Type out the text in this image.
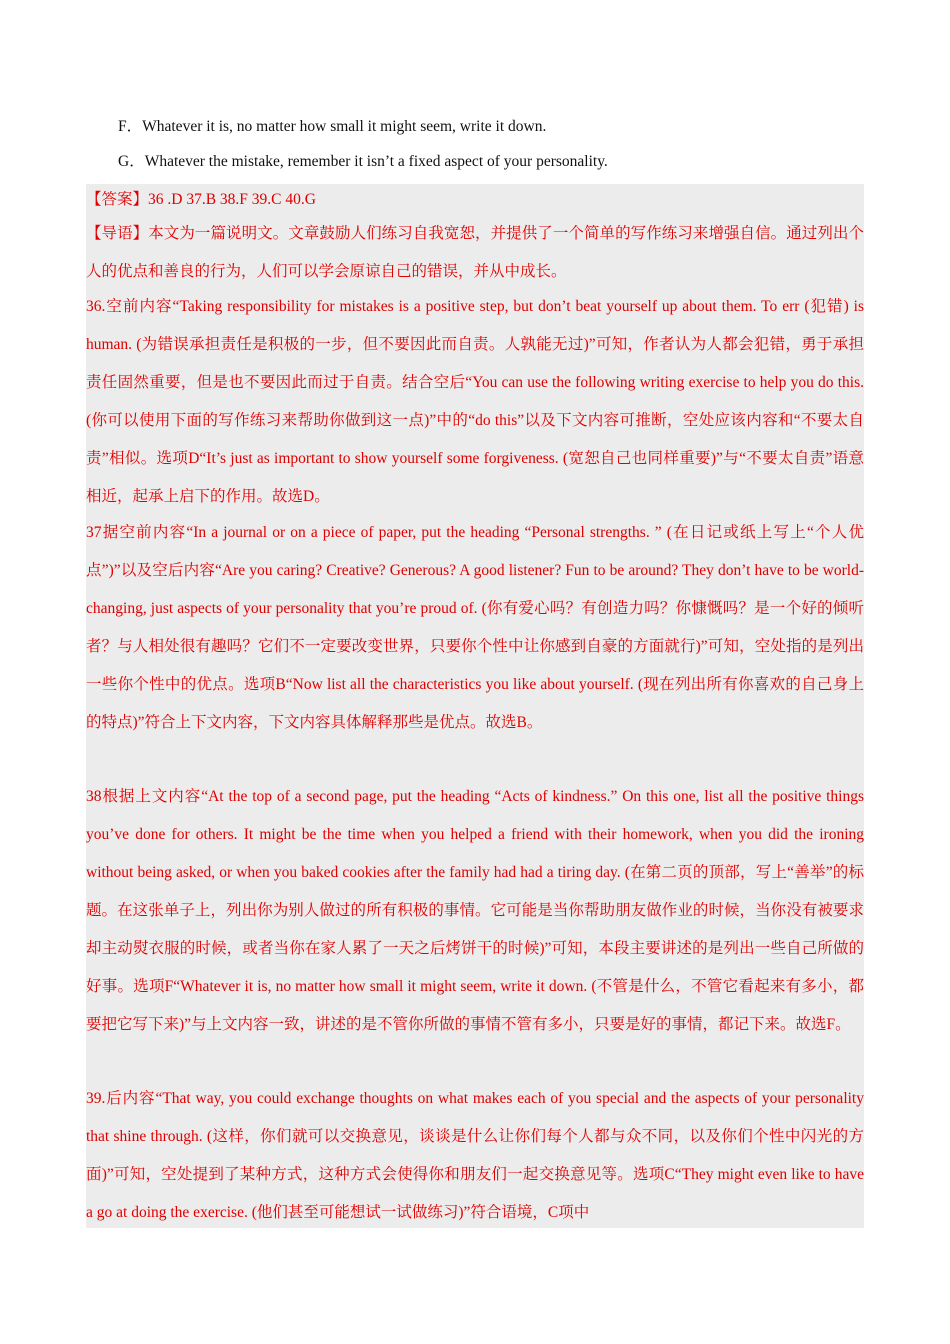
F．Whatever it is, no matter how small it might seem, write it down.
G．Whatever the mistake, remember it isn’t a fixed aspect of your personality.
【答案】36 .D 37.B 38.F 39.C 40.G
【导语】本文为一篇说明文。文章鼓励人们练习自我宽恕，并提供了一个简单的写作练习来增强自信。通过列出个人的优点和善良的行为，人们可以学会原谅自己的错误，并从中成长。
36.空前内容“Taking responsibility for mistakes is a positive step, but don’t beat yourself up about them. To err (犯错) is human. (为错误承担责任是积极的一步，但不要因此而自责。人孰能无过)”可知，作者认为人都会犯错，勇于承担责任固然重要，但是也不要因此而过于自责。结合空后“You can use the following writing exercise to help you do this. (你可以使用下面的写作练习来帮助你做到这一点)”中的“do this”以及下文内容可推断，空处应该内容和“不要太自责”相似。选项D“It’s just as important to show yourself some forgiveness. (宽恕自己也同样重要)”与“不要太自责”语意相近，起承上启下的作用。故选D。
37据空前内容“In a journal or on a piece of paper, put the heading “Personal strengths. ” (在日记或纸上写上“个人优点”)”以及空后内容“Are you caring? Creative? Generous? A good listener? Fun to be around? They don’t have to be world-changing, just aspects of your personality that you’re proud of. (你有爱心吗？有创造力吗？你慷慨吗？是一个好的倾听者？与人相处很有趣吗？它们不一定要改变世界，只要你个性中让你感到自豪的方面就行)”可知，空处指的是列出一些你个性中的优点。选项B“Now list all the characteristics you like about yourself. (现在列出所有你喜欢的自己身上的特点)”符合上下文内容，下文内容具体解释那些是优点。故选B。
38根据上文内容“At the top of a second page, put the heading “Acts of kindness.” On this one, list all the positive things you’ve done for others. It might be the time when you helped a friend with their homework, when you did the ironing without being asked, or when you baked cookies after the family had had a tiring day. (在第二页的顶部，写上“善举”的标题。在这张单子上，列出你为别人做过的所有积极的事情。它可能是当你帮助朋友做作业的时候，当你没有被要求却主动熨衣服的时候，或者当你在家人累了一天之后烤饼干的时候)”可知，本段主要讲述的是列出一些自己所做的好事。选项F“Whatever it is, no matter how small it might seem, write it down. (不管是什么，不管它看起来有多小，都要把它写下来)”与上文内容一致，讲述的是不管你所做的事情不管有多小，只要是好的事情，都记下来。故选F。
39.后内容“That way, you could exchange thoughts on what makes each of you special and the aspects of your personality that shine through. (这样，你们就可以交换意见，谈谈是什么让你们每个人都与众不同，以及你们个性中闪光的方面)”可知，空处提到了某种方式，这种方式会使得你和朋友们一起交换意见等。选项C“They might even like to have a go at doing the exercise. (他们甚至可能想试一试做练习)”符合语境，C项中
